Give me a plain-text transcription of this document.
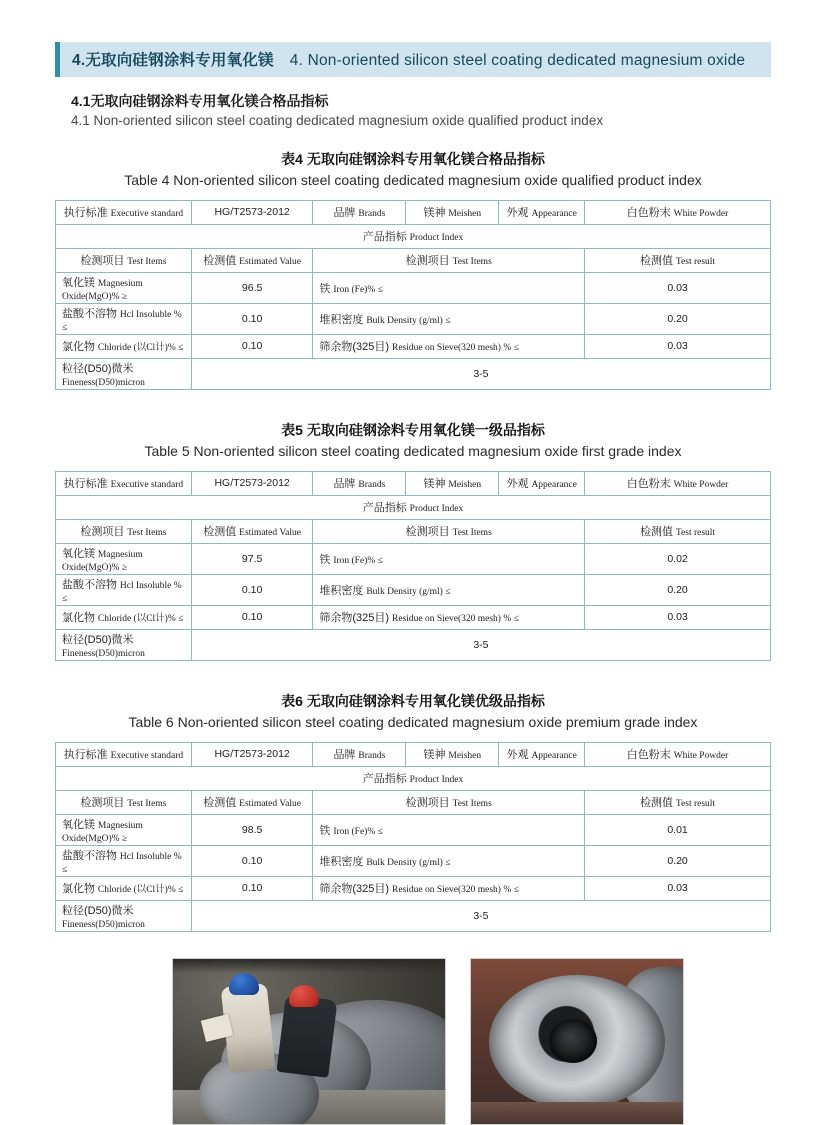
4.无取向硅钢涂料专用氧化镁 4. Non-oriented silicon steel coating dedicated magnesium oxide
4.1无取向硅钢涂料专用氧化镁合格品指标
4.1 Non-oriented silicon steel coating dedicated magnesium oxide qualified product index
表4 无取向硅钢涂料专用氧化镁合格品指标
Table 4 Non-oriented silicon steel coating dedicated magnesium oxide qualified product index
执行标准 Executive standard	HG/T2573-2012	品牌 Brands	镁神 Meishen	外观 Appearance	白色粉末 White Powder
产品指标 Product Index					
检测项目 Test Items	检测值 Estimated Value	检测项目 Test Items			检测值 Test result
氧化镁 Magnesium Oxide(MgO)% ≥	96.5	铁 Iron (Fe)% ≤			0.03
盐酸不溶物 Hcl Insoluble % ≤	0.10	堆积密度 Bulk Density (g/ml) ≤			0.20
氯化物 Chloride (以Cl计)% ≤	0.10	筛余物(325目) Residue on Sieve(320 mesh) % ≤			0.03
粒径(D50)微米 Fineness(D50)micron	3-5				
表5 无取向硅钢涂料专用氧化镁一级品指标
Table 5 Non-oriented silicon steel coating dedicated magnesium oxide first grade index
执行标准 Executive standard	HG/T2573-2012	品牌 Brands	镁神 Meishen	外观 Appearance	白色粉末 White Powder
产品指标 Product Index					
检测项目 Test Items	检测值 Estimated Value	检测项目 Test Items			检测值 Test result
氧化镁 Magnesium Oxide(MgO)% ≥	97.5	铁 Iron (Fe)% ≤			0.02
盐酸不溶物 Hcl Insoluble % ≤	0.10	堆积密度 Bulk Density (g/ml) ≤			0.20
氯化物 Chloride (以Cl计)% ≤	0.10	筛余物(325目) Residue on Sieve(320 mesh) % ≤			0.03
粒径(D50)微米 Fineness(D50)micron	3-5				
表6 无取向硅钢涂料专用氧化镁优级品指标
Table 6 Non-oriented silicon steel coating dedicated magnesium oxide premium grade index
执行标准 Executive standard	HG/T2573-2012	品牌 Brands	镁神 Meishen	外观 Appearance	白色粉末 White Powder
产品指标 Product Index					
检测项目 Test Items	检测值 Estimated Value	检测项目 Test Items			检测值 Test result
氧化镁 Magnesium Oxide(MgO)% ≥	98.5	铁 Iron (Fe)% ≤			0.01
盐酸不溶物 Hcl Insoluble % ≤	0.10	堆积密度 Bulk Density (g/ml) ≤			0.20
氯化物 Chloride (以Cl计)% ≤	0.10	筛余物(325目) Residue on Sieve(320 mesh) % ≤			0.03
粒径(D50)微米 Fineness(D50)micron	3-5				
